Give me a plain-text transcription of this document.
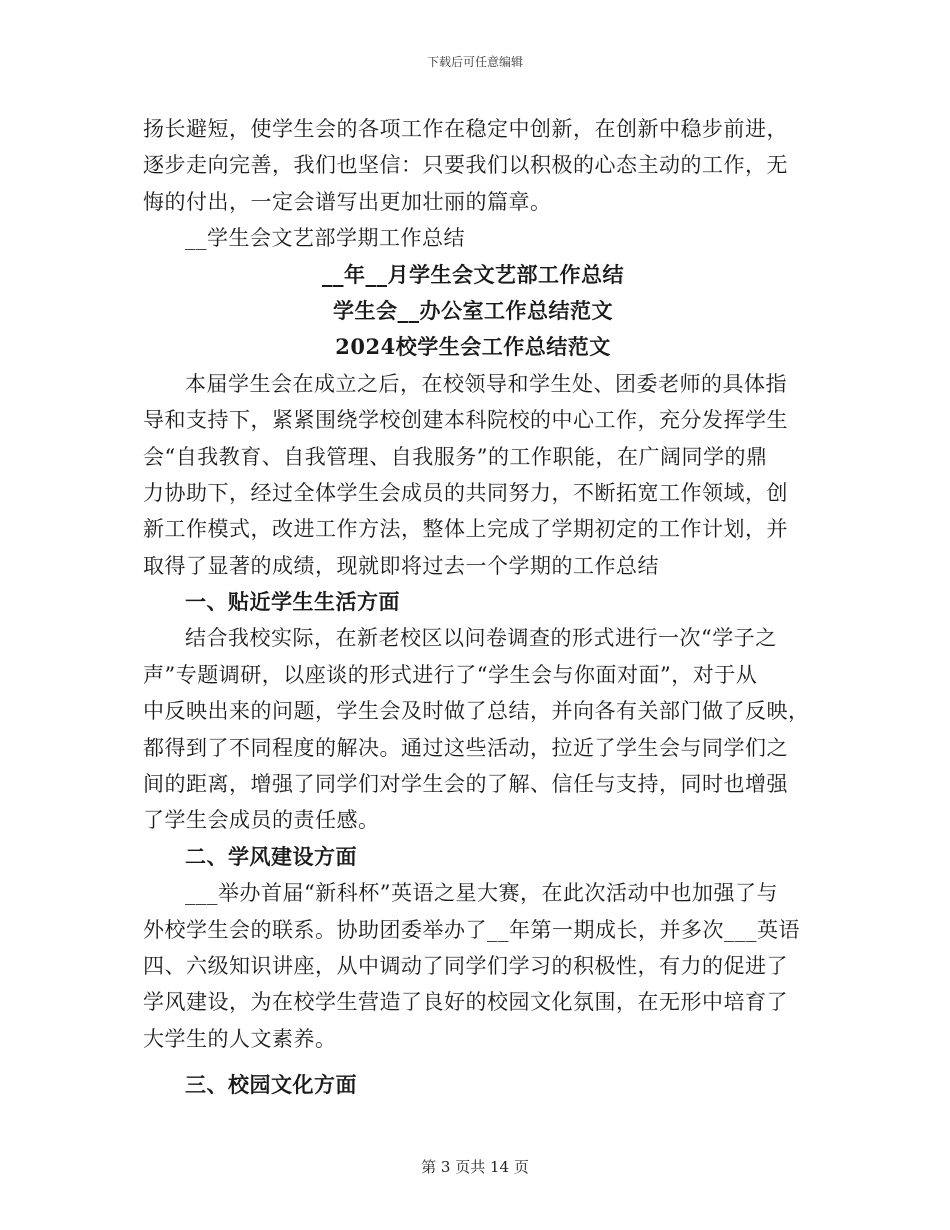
下载后可任意编辑
扬长避短，使学生会的各项工作在稳定中创新，在创新中稳步前进，
逐步走向完善，我们也坚信：只要我们以积极的心态主动的工作，无
悔的付出，一定会谱写出更加壮丽的篇章。
__学生会文艺部学期工作总结
__年__月学生会文艺部工作总结
学生会__办公室工作总结范文
2024校学生会工作总结范文
本届学生会在成立之后，在校领导和学生处、团委老师的具体指
导和支持下，紧紧围绕学校创建本科院校的中心工作，充分发挥学生
会“自我教育、自我管理、自我服务”的工作职能，在广阔同学的鼎
力协助下，经过全体学生会成员的共同努力，不断拓宽工作领域，创
新工作模式，改进工作方法，整体上完成了学期初定的工作计划，并
取得了显著的成绩，现就即将过去一个学期的工作总结
一、贴近学生生活方面
结合我校实际，在新老校区以问卷调查的形式进行一次“学子之
声”专题调研，以座谈的形式进行了“学生会与你面对面”，对于从
中反映出来的问题，学生会及时做了总结，并向各有关部门做了反映，
都得到了不同程度的解决。通过这些活动，拉近了学生会与同学们之
间的距离，增强了同学们对学生会的了解、信任与支持，同时也增强
了学生会成员的责任感。
二、学风建设方面
___举办首届“新科杯”英语之星大赛，在此次活动中也加强了与
外校学生会的联系。协助团委举办了__年第一期成长，并多次___英语
四、六级知识讲座，从中调动了同学们学习的积极性，有力的促进了
学风建设，为在校学生营造了良好的校园文化氛围，在无形中培育了
大学生的人文素养。
三、校园文化方面
第 3 页共 14 页
